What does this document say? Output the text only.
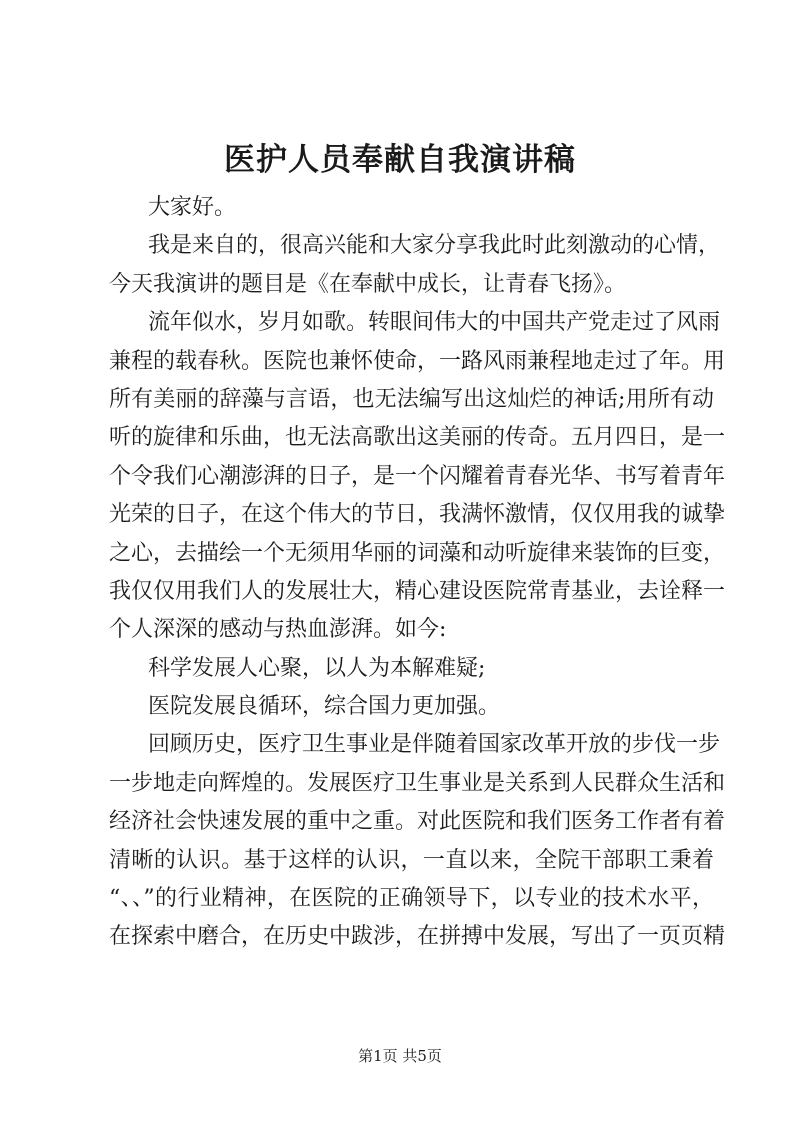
医护人员奉献自我演讲稿
大家好。
我是来自的，很高兴能和大家分享我此时此刻激动的心情，
今天我演讲的题目是《在奉献中成长，让青春飞扬》。
流年似水，岁月如歌。转眼间伟大的中国共产党走过了风雨
兼程的载春秋。医院也兼怀使命，一路风雨兼程地走过了年。用
所有美丽的辞藻与言语，也无法编写出这灿烂的神话;用所有动
听的旋律和乐曲，也无法高歌出这美丽的传奇。五月四日，是一
个令我们心潮澎湃的日子，是一个闪耀着青春光华、书写着青年
光荣的日子，在这个伟大的节日，我满怀激情，仅仅用我的诚挚
之心，去描绘一个无须用华丽的词藻和动听旋律来装饰的巨变，
我仅仅用我们人的发展壮大，精心建设医院常青基业，去诠释一
个人深深的感动与热血澎湃。如今:
科学发展人心聚，以人为本解难疑;
医院发展良循环，综合国力更加强。
回顾历史，医疗卫生事业是伴随着国家改革开放的步伐一步
一步地走向辉煌的。发展医疗卫生事业是关系到人民群众生活和
经济社会快速发展的重中之重。对此医院和我们医务工作者有着
清晰的认识。基于这样的认识，一直以来，全院干部职工秉着
“、、”的行业精神，在医院的正确领导下，以专业的技术水平，
在探索中磨合，在历史中跋涉，在拼搏中发展，写出了一页页精
第1页 共5页
